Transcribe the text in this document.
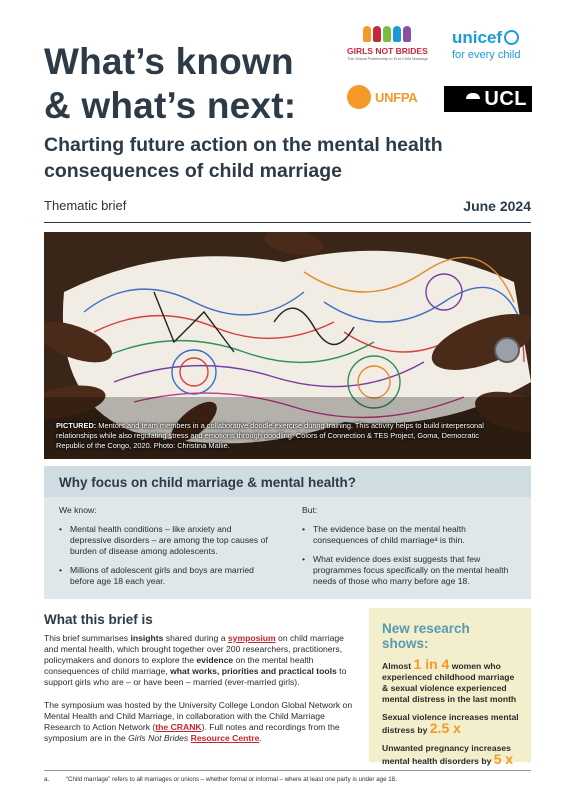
What’s known
& what’s next:
GIRLS NOT BRIDES
The Global Partnership to End Child Marriage
unicef
for every child
UNFPA	UCL
Charting future action on the mental health consequences of child marriage
Thematic brief	June 2024
PICTURED: Mentors and team members in a collaborative doodle exercise during training. This activity helps to build interpersonal relationships while also regulating stress and emotions through doodling. Colors of Connection & TES Project, Goma, Democratic Republic of the Congo, 2020. Photo: Christina Mallie.
Why focus on child marriage & mental health?
We know:
• Mental health conditions – like anxiety and depressive disorders – are among the top causes of burden of disease among adolescents.
• Millions of adolescent girls and boys are married before age 18 each year.
But:
• The evidence base on the mental health consequences of child marriageᵃ is thin.
• What evidence does exist suggests that few programmes focus specifically on the mental health needs of those who marry before age 18.
What this brief is
This brief summarises insights shared during a symposium on child marriage and mental health, which brought together over 200 researchers, practitioners, policymakers and donors to explore the evidence on the mental health consequences of child marriage, what works, priorities and practical tools to support girls who are – or have been – married (ever-married girls).
The symposium was hosted by the University College London Global Network on Mental Health and Child Marriage, in collaboration with the Child Marriage Research to Action Network (the CRANK). Full notes and recordings from the symposium are in the Girls Not Brides Resource Centre.
New research shows:
Almost 1 in 4 women who experienced childhood marriage & sexual violence experienced mental distress in the last month
Sexual violence increases mental distress by 2.5 x
Unwanted pregnancy increases mental health disorders by 5 x
a.	“Child marriage” refers to all marriages or unions – whether formal or informal – where at least one party is under age 18.
